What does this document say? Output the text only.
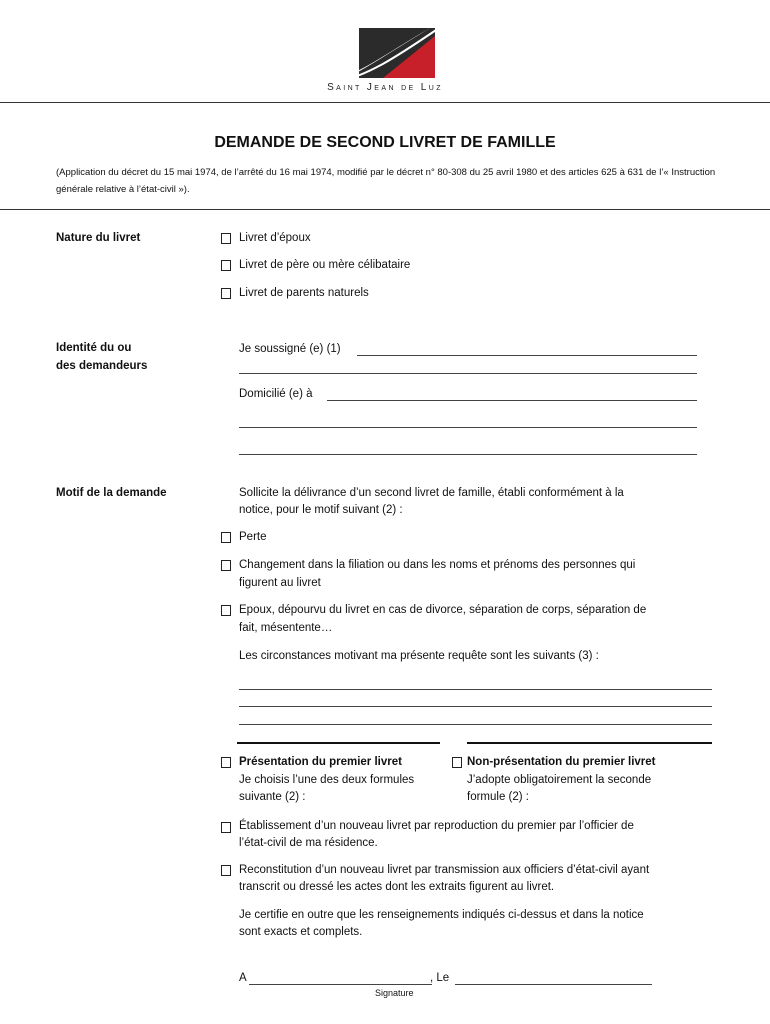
Saint Jean de Luz
DEMANDE DE SECOND LIVRET DE FAMILLE
(Application du décret du 15 mai 1974, de l’arrêté du 16 mai 1974, modifié par le décret n° 80-308 du 25 avril 1980 et des articles 625 à 631 de l’« Instruction générale relative à l’état-civil »).
Nature du livret	Livret d’époux
Livret de père ou mère célibataire
Livret de parents naturels
Identité du ou
des demandeurs
Je soussigné (e) (1)
Domicilié (e) à
Motif de la demande	Sollicite la délivrance d’un second livret de famille, établi conformément à la
notice, pour le motif suivant (2) :
Perte
Changement dans la filiation ou dans les noms et prénoms des personnes qui
figurent au livret
Epoux, dépourvu du livret en cas de divorce, séparation de corps, séparation de
fait, mésentente…
Les circonstances motivant ma présente requête sont les suivants (3) :
Présentation du premier livret
Je choisis l’une des deux formules
suivante (2) :
Non-présentation du premier livret
J’adopte obligatoirement la seconde
formule (2) :
Établissement d’un nouveau livret par reproduction du premier par l’officier de
l’état-civil de ma résidence.
Reconstitution d’un nouveau livret par transmission aux officiers d’état-civil ayant
transcrit ou dressé les actes dont les extraits figurent au livret.
Je certifie en outre que les renseignements indiqués ci-dessus et dans la notice
sont exacts et complets.
A	, Le
Signature
